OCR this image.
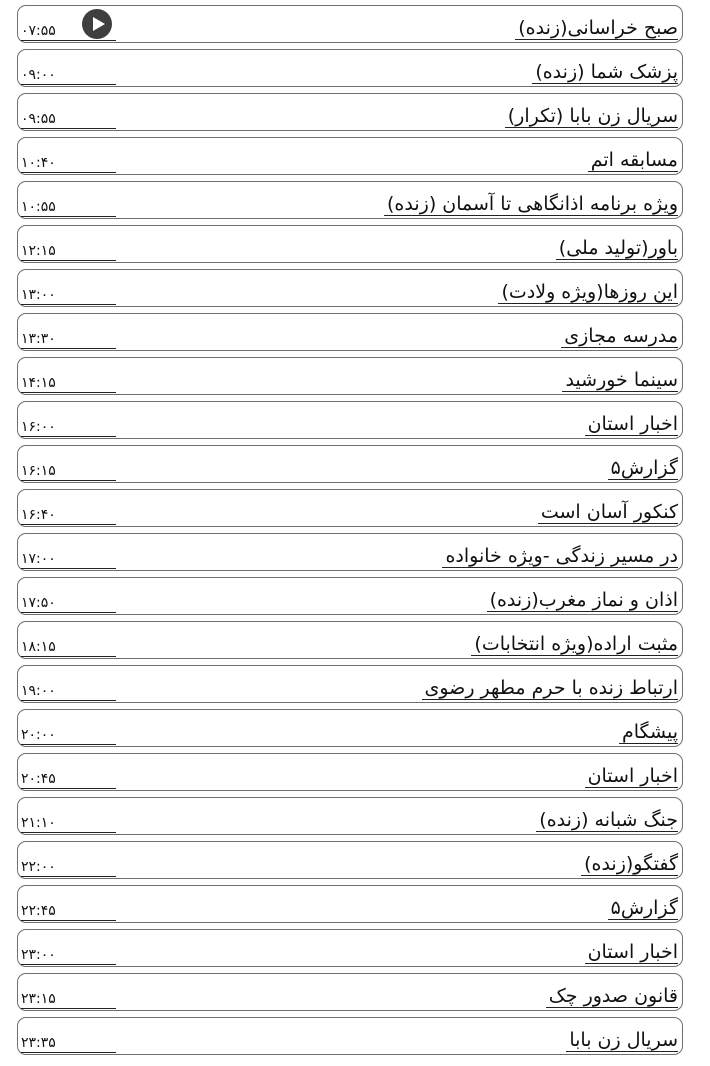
صبح خراسانی(زنده)
۰۷:۵۵
پزشک شما (زنده)
۰۹:۰۰
سریال زن بابا (تکرار)
۰۹:۵۵
مسابقه اتم
۱۰:۴۰
ویژه برنامه اذانگاهی تا آسمان (زنده)
۱۰:۵۵
باور(تولید ملی)
۱۲:۱۵
این روزها(ویژه ولادت)
۱۳:۰۰
مدرسه مجازی
۱۳:۳۰
سینما خورشید
۱۴:۱۵
اخبار استان
۱۶:۰۰
گزارش۵
۱۶:۱۵
کنکور آسان است
۱۶:۴۰
در مسیر زندگی -ویژه خانواده
۱۷:۰۰
اذان و نماز مغرب(زنده)
۱۷:۵۰
مثبت اراده(ویژه انتخابات)
۱۸:۱۵
ارتباط زنده با حرم مطهر رضوی
۱۹:۰۰
پیشگام
۲۰:۰۰
اخبار استان
۲۰:۴۵
جنگ شبانه (زنده)
۲۱:۱۰
گفتگو(زنده)
۲۲:۰۰
گزارش۵
۲۲:۴۵
اخبار استان
۲۳:۰۰
قانون صدور چک
۲۳:۱۵
سریال زن بابا
۲۳:۳۵
